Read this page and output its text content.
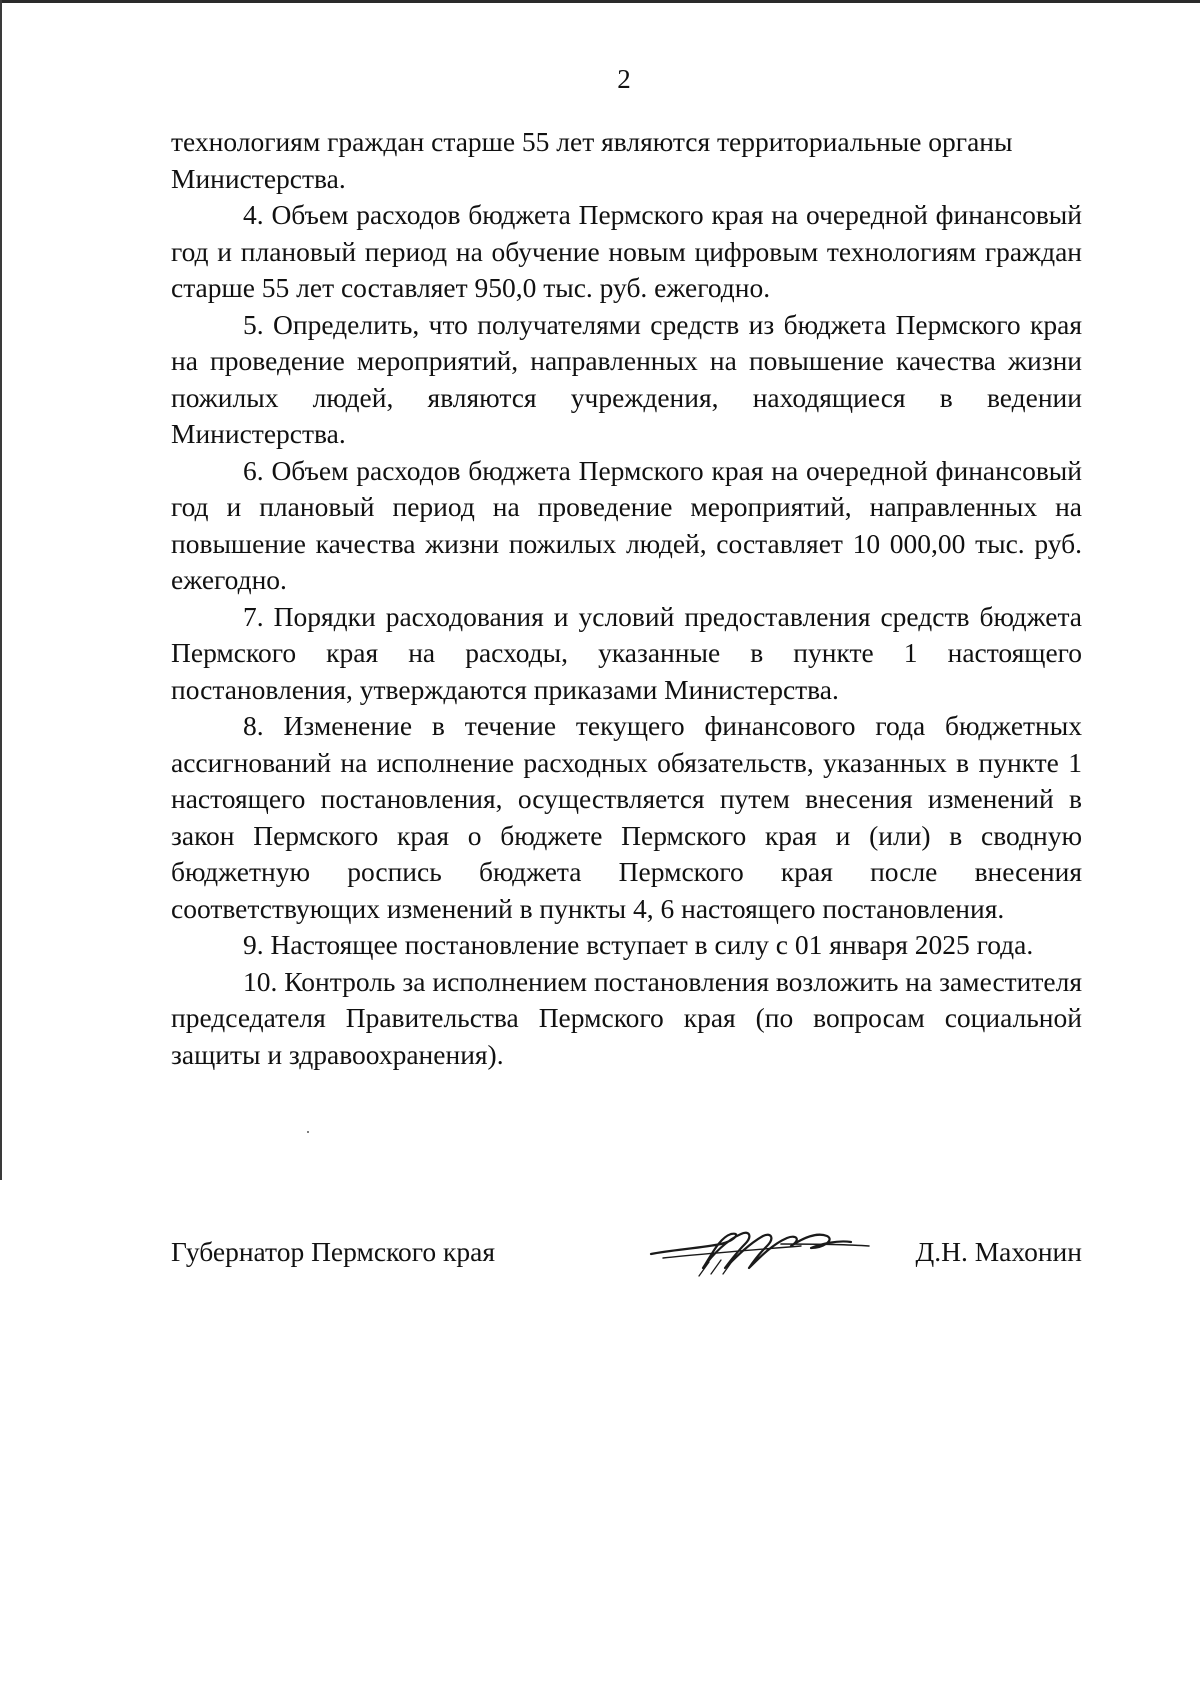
2

технологиям граждан старше 55 лет являются территориальные органы Министерства.

4. Объем расходов бюджета Пермского края на очередной финансовый год и плановый период на обучение новым цифровым технологиям граждан старше 55 лет составляет 950,0 тыс. руб. ежегодно.

5. Определить, что получателями средств из бюджета Пермского края на проведение мероприятий, направленных на повышение качества жизни пожилых людей, являются учреждения, находящиеся в ведении Министерства.

6. Объем расходов бюджета Пермского края на очередной финансовый год и плановый период на проведение мероприятий, направленных на повышение качества жизни пожилых людей, составляет 10 000,00 тыс. руб. ежегодно.

7. Порядки расходования и условий предоставления средств бюджета Пермского края на расходы, указанные в пункте 1 настоящего постановления, утверждаются приказами Министерства.

8. Изменение в течение текущего финансового года бюджетных ассигнований на исполнение расходных обязательств, указанных в пункте 1 настоящего постановления, осуществляется путем внесения изменений в закон Пермского края о бюджете Пермского края и (или) в сводную бюджетную роспись бюджета Пермского края после внесения соответствующих изменений в пункты 4, 6 настоящего постановления.

9. Настоящее постановление вступает в силу с 01 января 2025 года.

10. Контроль за исполнением постановления возложить на заместителя председателя Правительства Пермского края (по вопросам социальной защиты и здравоохранения).

Губернатор Пермского края	Д.Н. Махонин
